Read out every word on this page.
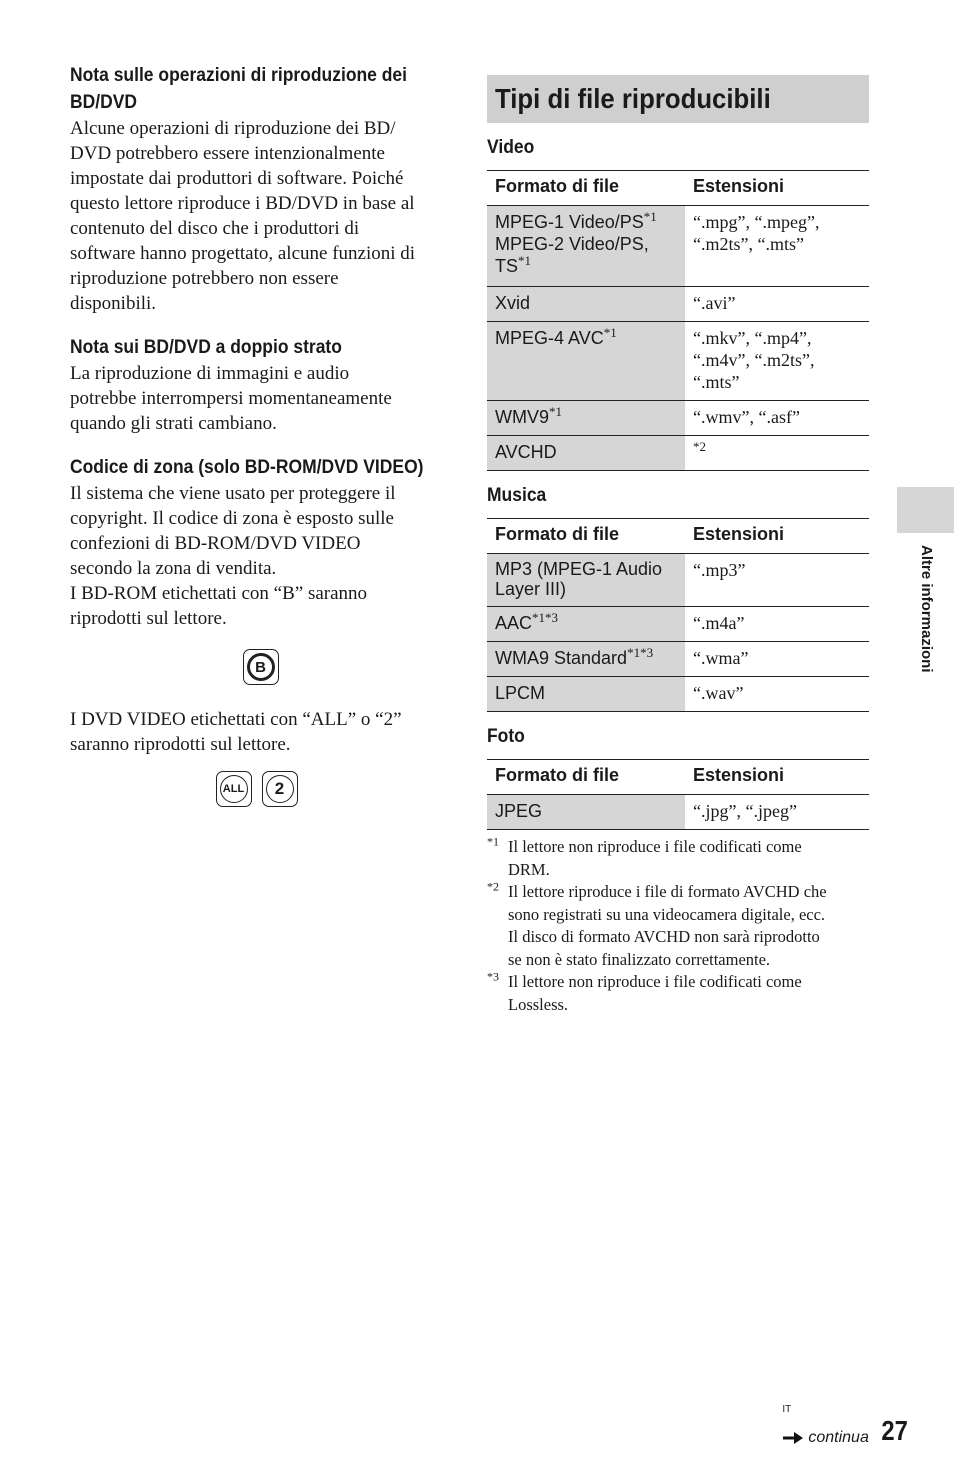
Nota sulle operazioni di riproduzione dei BD/DVD
Alcune operazioni di riproduzione dei BD/
DVD potrebbero essere intenzionalmente
impostate dai produttori di software. Poiché
questo lettore riproduce i BD/DVD in base al
contenuto del disco che i produttori di
software hanno progettato, alcune funzioni di
riproduzione potrebbero non essere
disponibili.
Nota sui BD/DVD a doppio strato
La riproduzione di immagini e audio
potrebbe interrompersi momentaneamente
quando gli strati cambiano.
Codice di zona (solo BD-ROM/DVD VIDEO)
Il sistema che viene usato per proteggere il
copyright. Il codice di zona è esposto sulle
confezioni di BD-ROM/DVD VIDEO
secondo la zona di vendita.
I BD-ROM etichettati con “B” saranno
riprodotti sul lettore.
B
I DVD VIDEO etichettati con “ALL” o “2”
saranno riprodotti sul lettore.
ALL	2
Tipi di file riproducibili
Video
Formato di file	Estensioni
MPEG-1 Video/PS$^{*1}$
MPEG-2 Video/PS,
TS$^{*1}$	“.mpg”, “.mpeg”,
“.m2ts”, “.mts”
Xvid	“.avi”
MPEG-4 AVC$^{*1}$	“.mkv”, “.mp4”,
“.m4v”, “.m2ts”,
“.mts”
WMV9$^{*1}$	“.wmv”, “.asf”
AVCHD	$^{*2}$
Musica
Formato di file	Estensioni
MP3 (MPEG-1 Audio
Layer III)	“.mp3”
$AAC^{*1*3}$	“.m4a”
WMA9 Standard$^{*1*3}$	“.wma”
LPCM	“.wav”
Foto
Formato di file	Estensioni
JPEG	“.jpg”, “.jpeg”
$^{*1}$ Il lettore non riproduce i file codificati come
DRM.
$^{*2}$ Il lettore riproduce i file di formato AVCHD che
sono registrati su una videocamera digitale, ecc.
Il disco di formato AVCHD non sarà riprodotto
se non è stato finalizzato correttamente.
$^{*3}$ Il lettore non riproduce i file codificati come
Lossless.
Altre informazioni
IT
continua 27
